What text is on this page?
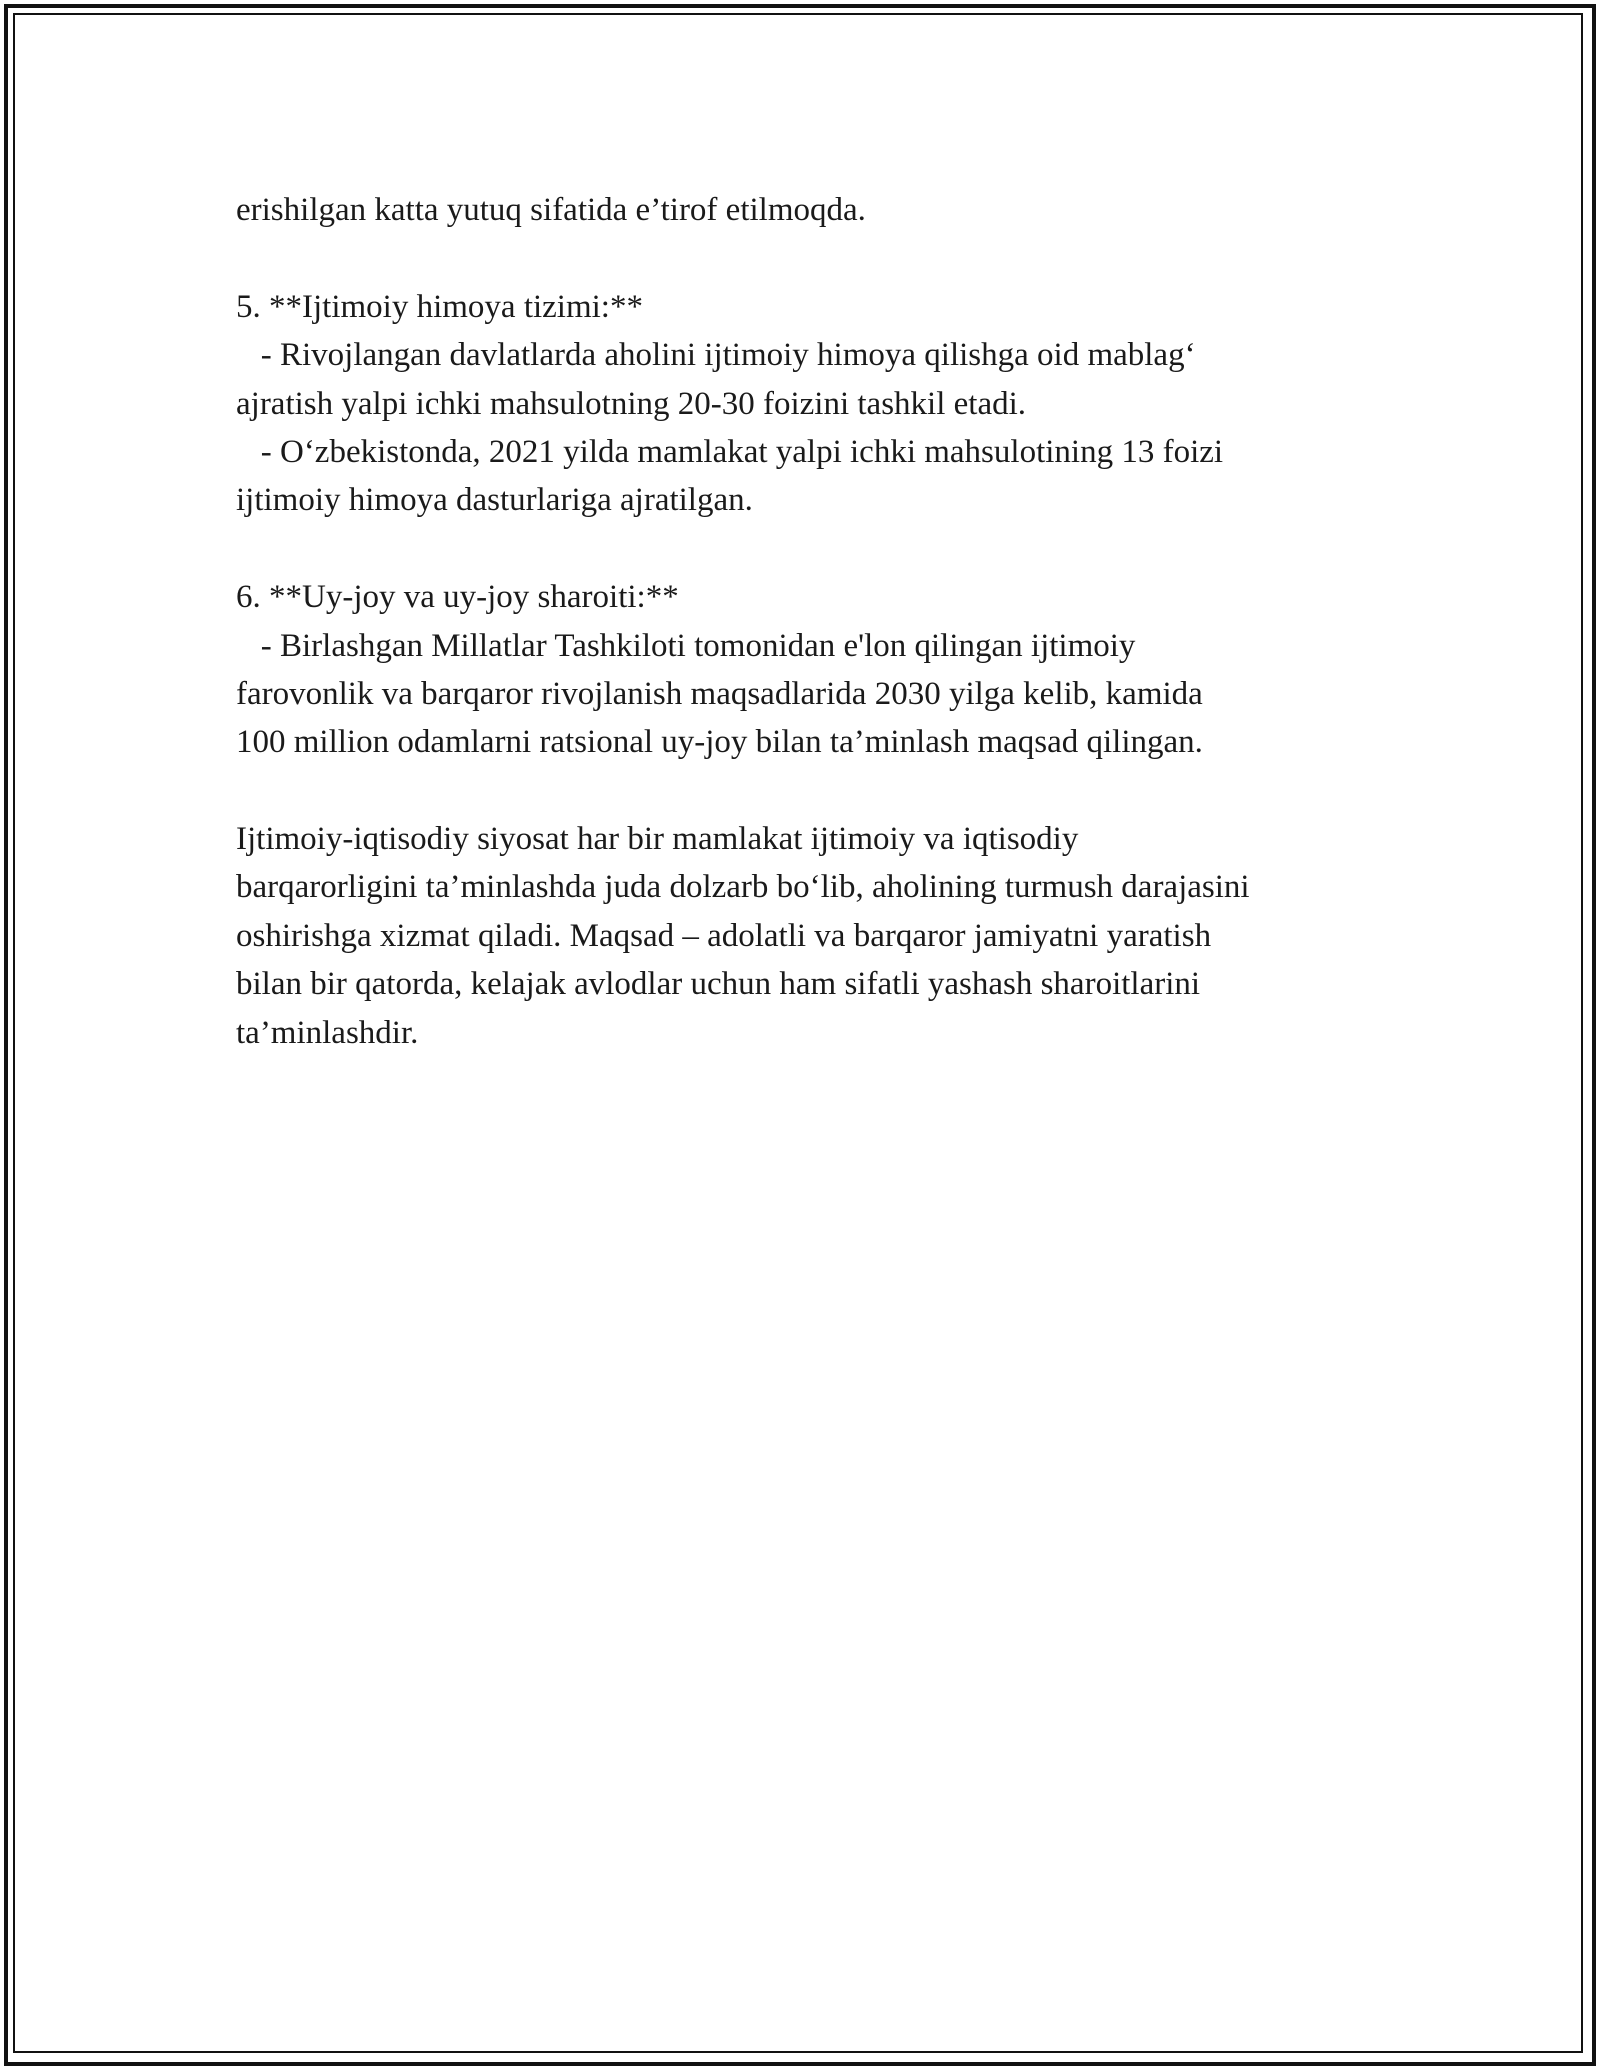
erishilgan katta yutuq sifatida e’tirof etilmoqda.

5. **Ijtimoiy himoya tizimi:**

- Rivojlangan davlatlarda aholini ijtimoiy himoya qilishga oid mablag‘

ajratish yalpi ichki mahsulotning 20-30 foizini tashkil etadi.

- O‘zbekistonda, 2021 yilda mamlakat yalpi ichki mahsulotining 13 foizi

ijtimoiy himoya dasturlariga ajratilgan.

6. **Uy-joy va uy-joy sharoiti:**

- Birlashgan Millatlar Tashkiloti tomonidan e'lon qilingan ijtimoiy

farovonlik va barqaror rivojlanish maqsadlarida 2030 yilga kelib, kamida

100 million odamlarni ratsional uy-joy bilan ta’minlash maqsad qilingan.

Ijtimoiy-iqtisodiy siyosat har bir mamlakat ijtimoiy va iqtisodiy

barqarorligini ta’minlashda juda dolzarb bo‘lib, aholining turmush darajasini

oshirishga xizmat qiladi. Maqsad – adolatli va barqaror jamiyatni yaratish

bilan bir qatorda, kelajak avlodlar uchun ham sifatli yashash sharoitlarini

ta’minlashdir.
